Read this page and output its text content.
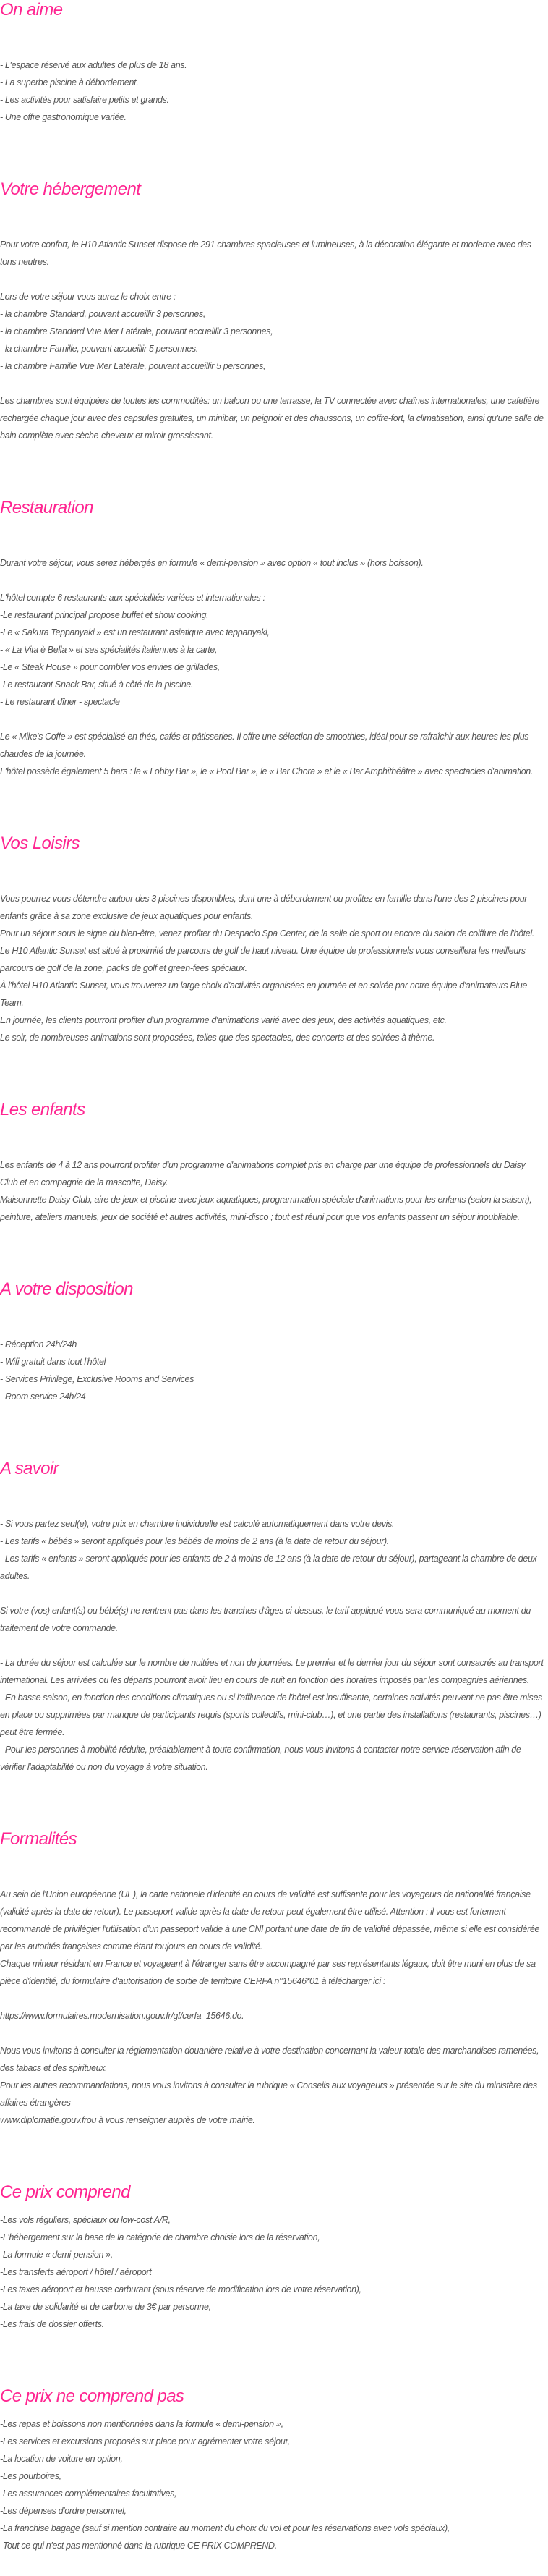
On aime

- L'espace réservé aux adultes de plus de 18 ans.

- La superbe piscine à débordement.

- Les activités pour satisfaire petits et grands.

- Une offre gastronomique variée.

Votre hébergement

Pour votre confort, le H10 Atlantic Sunset dispose de 291 chambres spacieuses et lumineuses, à la décoration élégante et moderne avec des tons neutres.

Lors de votre séjour vous aurez le choix entre :

- la chambre Standard, pouvant accueillir 3 personnes,

- la chambre Standard Vue Mer Latérale, pouvant accueillir 3 personnes,

- la chambre Famille, pouvant accueillir 5 personnes.

- la chambre Famille Vue Mer Latérale, pouvant accueillir 5 personnes,

Les chambres sont équipées de toutes les commodités: un balcon ou une terrasse, la TV connectée avec chaînes internationales, une cafetière rechargée chaque jour avec des capsules gratuites, un minibar, un peignoir et des chaussons, un coffre-fort, la climatisation, ainsi qu'une salle de bain complète avec sèche-cheveux et miroir grossissant.

Restauration

Durant votre séjour, vous serez hébergés en formule « demi-pension » avec option « tout inclus » (hors boisson).

L'hôtel compte 6 restaurants aux spécialités variées et internationales :

-Le restaurant principal propose buffet et show cooking,

-Le « Sakura Teppanyaki » est un restaurant asiatique avec teppanyaki,

- « La Vita è Bella » et ses spécialités italiennes à la carte,

-Le « Steak House » pour combler vos envies de grillades,

-Le restaurant Snack Bar, situé à côté de la piscine.

- Le restaurant dîner - spectacle

Le « Mike's Coffe » est spécialisé en thés, cafés et pâtisseries. Il offre une sélection de smoothies, idéal pour se rafraîchir aux heures les plus chaudes de la journée.

L'hôtel possède également 5 bars : le « Lobby Bar », le « Pool Bar », le « Bar Chora » et le « Bar Amphithéâtre » avec spectacles d'animation.

Vos Loisirs

Vous pourrez vous détendre autour des 3 piscines disponibles, dont une à débordement ou profitez en famille dans l'une des 2 piscines pour enfants grâce à sa zone exclusive de jeux aquatiques pour enfants.

Pour un séjour sous le signe du bien-être, venez profiter du Despacio Spa Center, de la salle de sport ou encore du salon de coiffure de l'hôtel. Le H10 Atlantic Sunset est situé à proximité de parcours de golf de haut niveau. Une équipe de professionnels vous conseillera les meilleurs parcours de golf de la zone, packs de golf et green-fees spéciaux.

À l'hôtel H10 Atlantic Sunset, vous trouverez un large choix d'activités organisées en journée et en soirée par notre équipe d'animateurs Blue Team.

En journée, les clients pourront profiter d'un programme d'animations varié avec des jeux, des activités aquatiques, etc.

Le soir, de nombreuses animations sont proposées, telles que des spectacles, des concerts et des soirées à thème.

Les enfants

Les enfants de 4 à 12 ans pourront profiter d'un programme d'animations complet pris en charge par une équipe de professionnels du Daisy Club et en compagnie de la mascotte, Daisy.

Maisonnette Daisy Club, aire de jeux et piscine avec jeux aquatiques, programmation spéciale d'animations pour les enfants (selon la saison), peinture, ateliers manuels, jeux de société et autres activités, mini-disco ; tout est réuni pour que vos enfants passent un séjour inoubliable.

A votre disposition

- Réception 24h/24h

- Wifi gratuit dans tout l'hôtel

- Services Privilege, Exclusive Rooms and Services

- Room service 24h/24

A savoir

- Si vous partez seul(e), votre prix en chambre individuelle est calculé automatiquement dans votre devis.

- Les tarifs « bébés » seront appliqués pour les bébés de moins de 2 ans (à la date de retour du séjour).

- Les tarifs « enfants » seront appliqués pour les enfants de 2 à moins de 12 ans (à la date de retour du séjour), partageant la chambre de deux adultes.

Si votre (vos) enfant(s) ou bébé(s) ne rentrent pas dans les tranches d'âges ci-dessus, le tarif appliqué vous sera communiqué au moment du traitement de votre commande.

- La durée du séjour est calculée sur le nombre de nuitées et non de journées. Le premier et le dernier jour du séjour sont consacrés au transport international. Les arrivées ou les départs pourront avoir lieu en cours de nuit en fonction des horaires imposés par les compagnies aériennes.

- En basse saison, en fonction des conditions climatiques ou si l'affluence de l'hôtel est insuffisante, certaines activités peuvent ne pas être mises en place ou supprimées par manque de participants requis (sports collectifs, mini-club…), et une partie des installations (restaurants, piscines…) peut être fermée.

- Pour les personnes à mobilité réduite, préalablement à toute confirmation, nous vous invitons à contacter notre service réservation afin de vérifier l'adaptabilité ou non du voyage à votre situation.

Formalités

Au sein de l'Union européenne (UE), la carte nationale d'identité en cours de validité est suffisante pour les voyageurs de nationalité française (validité après la date de retour). Le passeport valide après la date de retour peut également être utilisé. Attention : il vous est fortement recommandé de privilégier l'utilisation d'un passeport valide à une CNI portant une date de fin de validité dépassée, même si elle est considérée par les autorités françaises comme étant toujours en cours de validité.

Chaque mineur résidant en France et voyageant à l'étranger sans être accompagné par ses représentants légaux, doit être muni en plus de sa pièce d'identité, du formulaire d'autorisation de sortie de territoire CERFA n°15646*01 à télécharger ici :

https://www.formulaires.modernisation.gouv.fr/gf/cerfa_15646.do.

Nous vous invitons à consulter la réglementation douanière relative à votre destination concernant la valeur totale des marchandises ramenées, des tabacs et des spiritueux.

Pour les autres recommandations, nous vous invitons à consulter la rubrique « Conseils aux voyageurs » présentée sur le site du ministère des affaires étrangères

www.diplomatie.gouv.frou à vous renseigner auprès de votre mairie.

Ce prix comprend

-Les vols réguliers, spéciaux ou low-cost A/R,

-L'hébergement sur la base de la catégorie de chambre choisie lors de la réservation,

-La formule « demi-pension »,

-Les transferts aéroport / hôtel / aéroport

-Les taxes aéroport et hausse carburant (sous réserve de modification lors de votre réservation),

-La taxe de solidarité et de carbone de 3€ par personne,

-Les frais de dossier offerts.

Ce prix ne comprend pas

-Les repas et boissons non mentionnées dans la formule « demi-pension »,

-Les services et excursions proposés sur place pour agrémenter votre séjour,

-La location de voiture en option,

-Les pourboires,

-Les assurances complémentaires facultatives,

-Les dépenses d'ordre personnel,

-La franchise bagage (sauf si mention contraire au moment du choix du vol et pour les réservations avec vols spéciaux),

-Tout ce qui n'est pas mentionné dans la rubrique CE PRIX COMPREND.
